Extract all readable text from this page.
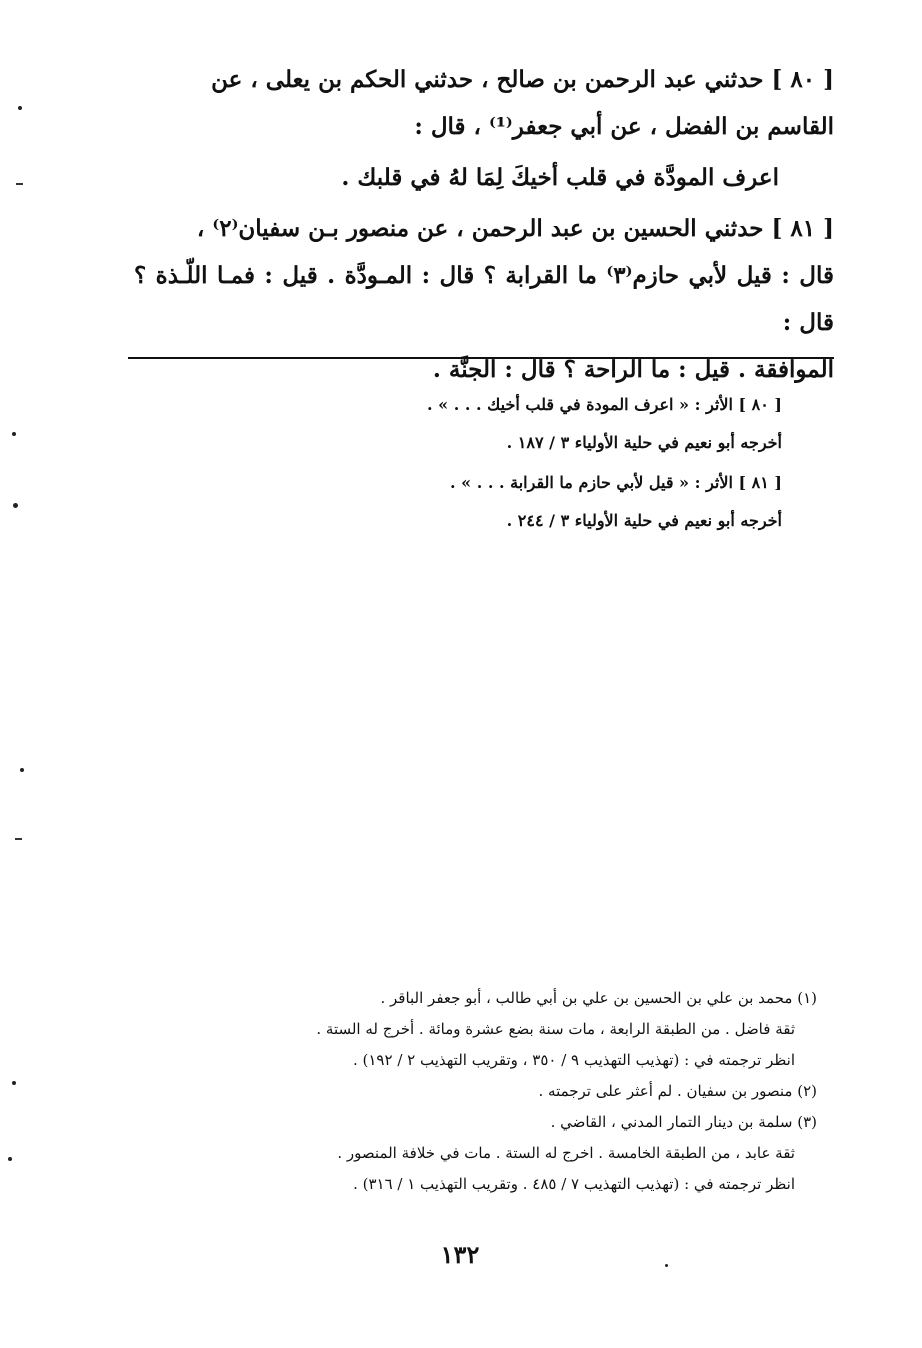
[ ٨٠ ] حدثني عبد الرحمن بن صالح ، حدثني الحكم بن يعلى ، عن

القاسم بن الفضل ، عن أبي جعفر⁽¹⁾ ، قال :

اعرف المودَّة في قلب أخيكَ لِمَا لهُ في قلبك .

[ ٨١ ] حدثني الحسين بن عبد الرحمن ، عن منصور بـن سفيان⁽٢⁾ ،

قال : قيل لأبي حازم⁽٣⁾ ما القرابة ؟ قال : المـودَّة . قيل : فمـا اللّـذة ؟ قال :

الموافقة . قيل : ما الراحة ؟ قال : الجنَّة .

[ ٨٠ ] الأثر : « اعرف المودة في قلب أخيك . . . » .

أخرجه أبو نعيم في حلية الأولياء ٣ / ١٨٧ .

[ ٨١ ] الأثر : « قيل لأبي حازم ما القرابة . . . » .

أخرجه أبو نعيم في حلية الأولياء ٣ / ٢٤٤ .

(١) محمد بن علي بن الحسين بن علي بن أبي طالب ، أبو جعفر الباقر .

ثقة فاضل . من الطبقة الرابعة ، مات سنة بضع عشرة ومائة . أخرج له الستة .

انظر ترجمته في : (تهذيب التهذيب ٩ / ٣٥٠ ، وتقريب التهذيب ٢ / ١٩٢) .

(٢) منصور بن سفيان . لم أعثر على ترجمته .

(٣) سلمة بن دينار التمار المدني ، القاضي .

ثقة عابد ، من الطبقة الخامسة . اخرج له الستة . مات في خلافة المنصور .

انظر ترجمته في : (تهذيب التهذيب ٧ / ٤٨٥ . وتقريب التهذيب ١ / ٣١٦) .

١٣٢
